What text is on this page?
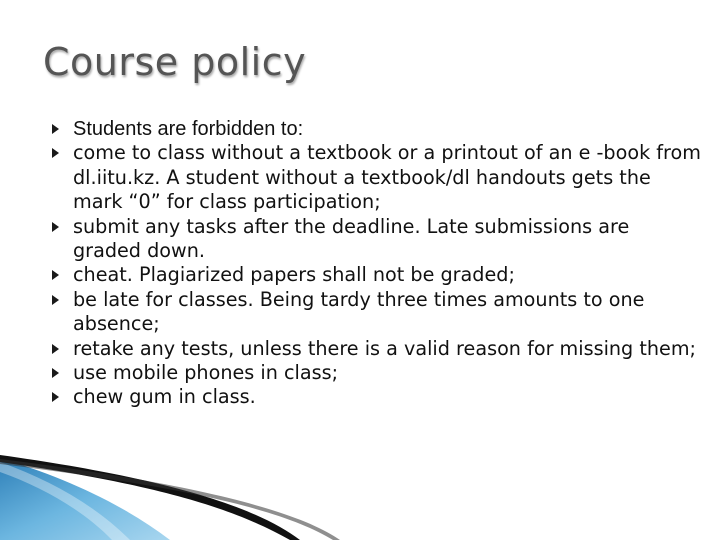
Course policy
Students are forbidden to:
come to class without a textbook or a printout of an e -book from dl.iitu.kz. A student without a textbook/dl handouts gets the mark “0” for class participation;
submit any tasks after the deadline. Late submissions are graded down.
cheat. Plagiarized papers shall not be graded;
be late for classes. Being tardy three times amounts to one absence;
retake any tests, unless there is a valid reason for missing them;
use mobile phones in class;
chew gum in class.
